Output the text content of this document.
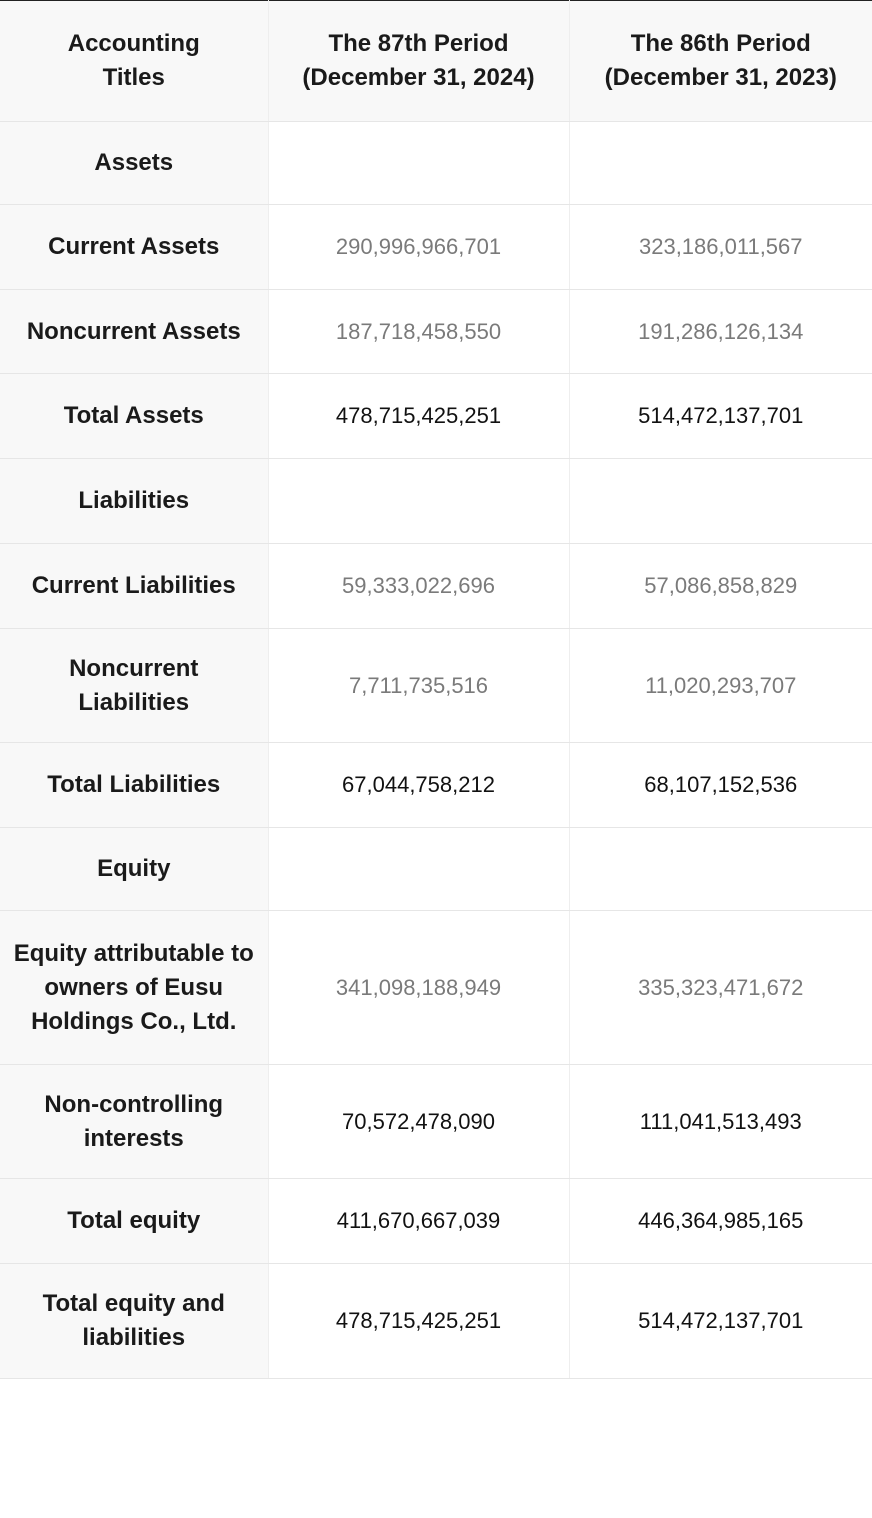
Accounting Titles	The 87th Period (December 31, 2024)	The 86th Period (December 31, 2023)
Assets		
Current Assets	290,996,966,701	323,186,011,567
Noncurrent Assets	187,718,458,550	191,286,126,134
Total Assets	478,715,425,251	514,472,137,701
Liabilities		
Current Liabilities	59,333,022,696	57,086,858,829
Noncurrent Liabilities	7,711,735,516	11,020,293,707
Total Liabilities	67,044,758,212	68,107,152,536
Equity		
Equity attributable to owners of Eusu Holdings Co., Ltd.	341,098,188,949	335,323,471,672
Non-controlling interests	70,572,478,090	111,041,513,493
Total equity	411,670,667,039	446,364,985,165
Total equity and liabilities	478,715,425,251	514,472,137,701
